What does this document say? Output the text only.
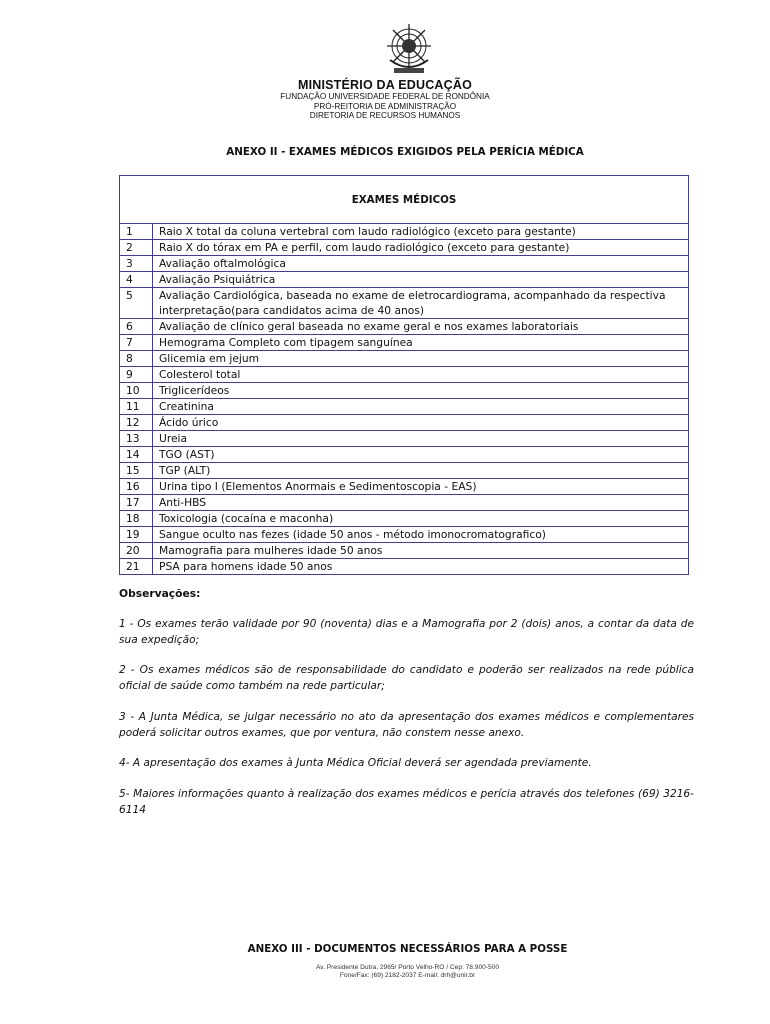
MINISTÉRIO DA EDUCAÇÃO
FUNDAÇÃO UNIVERSIDADE FEDERAL DE RONDÔNIA
PRÓ-REITORIA DE ADMINISTRAÇÃO
DIRETORIA DE RECURSOS HUMANOS
ANEXO II - EXAMES MÉDICOS EXIGIDOS PELA PERÍCIA MÉDICA
EXAMES MÉDICOS	
1	Raio X total da coluna vertebral com laudo radiológico (exceto para gestante)
2	Raio X do tórax em PA e perfil, com laudo radiológico (exceto para gestante)
3	Avaliação oftalmológica
4	Avaliação Psiquiátrica
5	Avaliação Cardiológica, baseada no exame de eletrocardiograma, acompanhado da respectiva interpretação(para candidatos acima de 40 anos)
6	Avaliação de clínico geral baseada no exame geral e nos exames laboratoriais
7	Hemograma Completo com tipagem sanguínea
8	Glicemia em jejum
9	Colesterol total
10	Triglicerídeos
11	Creatinina
12	Ácido úrico
13	Ureia
14	TGO (AST)
15	TGP (ALT)
16	Urina tipo I (Elementos Anormais e Sedimentoscopia - EAS)
17	Anti-HBS
18	Toxicologia (cocaína e maconha)
19	Sangue oculto nas fezes (idade 50 anos - método imonocromatografico)
20	Mamografia para mulheres idade 50 anos
21	PSA para homens idade 50 anos
Observações:
1 - Os exames terão validade por 90 (noventa) dias e a Mamografia por 2 (dois) anos, a contar da data de sua expedição;
2 - Os exames médicos são de responsabilidade do candidato e poderão ser realizados na rede pública oficial de saúde como também na rede particular;
3 - A Junta Médica, se julgar necessário no ato da apresentação dos exames médicos e complementares poderá solicitar outros exames, que por ventura, não constem nesse anexo.
4- A apresentação dos exames à Junta Médica Oficial deverá ser agendada previamente.
5- Maiores informações quanto à realização dos exames médicos e perícia através dos telefones (69) 3216-6114
ANEXO III - DOCUMENTOS NECESSÁRIOS PARA A POSSE
Av. Presidente Dutra, 2965/ Porto Velho-RO / Cep: 78.900-500
Fone/Fax: (69) 2182-2037 E-mail: drh@unir.br
